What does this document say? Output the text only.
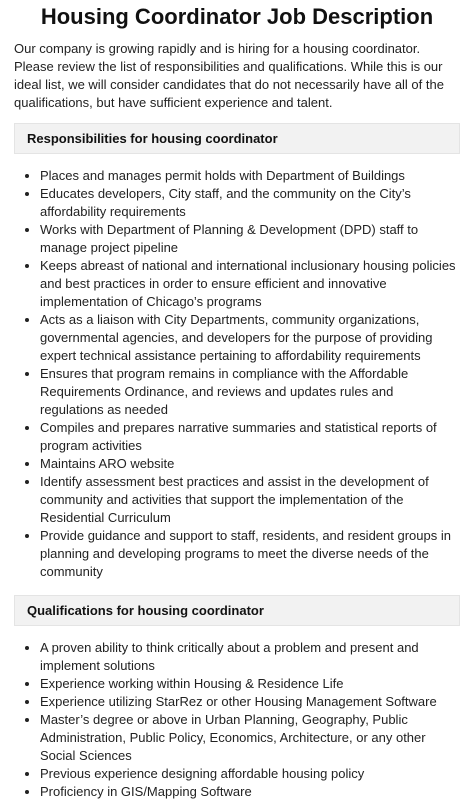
Housing Coordinator Job Description

Our company is growing rapidly and is hiring for a housing coordinator. Please review the list of responsibilities and qualifications. While this is our ideal list, we will consider candidates that do not necessarily have all of the qualifications, but have sufficient experience and talent.

Responsibilities for housing coordinator
• Places and manages permit holds with Department of Buildings
• Educates developers, City staff, and the community on the City’s affordability requirements
• Works with Department of Planning & Development (DPD) staff to manage project pipeline
• Keeps abreast of national and international inclusionary housing policies and best practices in order to ensure efficient and innovative implementation of Chicago’s programs
• Acts as a liaison with City Departments, community organizations, governmental agencies, and developers for the purpose of providing expert technical assistance pertaining to affordability requirements
• Ensures that program remains in compliance with the Affordable Requirements Ordinance, and reviews and updates rules and regulations as needed
• Compiles and prepares narrative summaries and statistical reports of program activities
• Maintains ARO website
• Identify assessment best practices and assist in the development of community and activities that support the implementation of the Residential Curriculum
• Provide guidance and support to staff, residents, and resident groups in planning and developing programs to meet the diverse needs of the community
Qualifications for housing coordinator
• A proven ability to think critically about a problem and present and implement solutions
• Experience working within Housing & Residence Life
• Experience utilizing StarRez or other Housing Management Software
• Master’s degree or above in Urban Planning, Geography, Public Administration, Public Policy, Economics, Architecture, or any other Social Sciences
• Previous experience designing affordable housing policy
• Proficiency in GIS/Mapping Software
